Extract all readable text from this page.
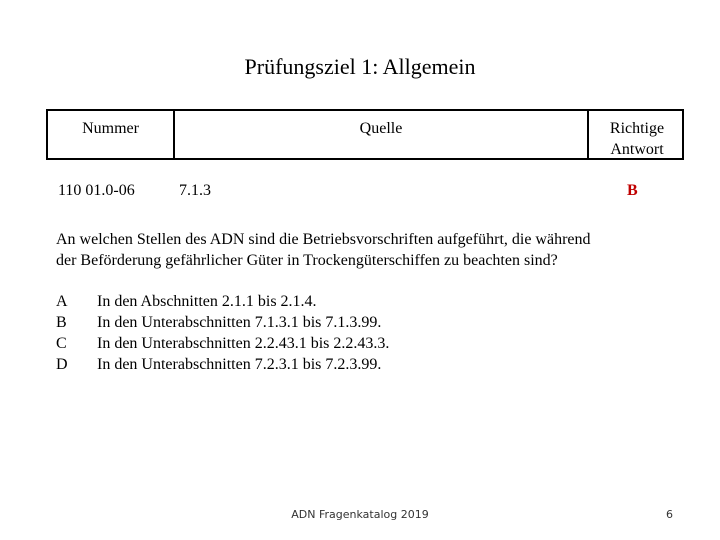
Prüfungsziel 1: Allgemein
Nummer	Quelle	Richtige
Antwort
110 01.0-06	7.1.3	B
An welchen Stellen des ADN sind die Betriebsvorschriften aufgeführt, die während
der Beförderung gefährlicher Güter in Trockengüterschiffen zu beachten sind?
A	In den Abschnitten 2.1.1 bis 2.1.4.
B	In den Unterabschnitten 7.1.3.1 bis 7.1.3.99.
C	In den Unterabschnitten 2.2.43.1 bis 2.2.43.3.
D	In den Unterabschnitten 7.2.3.1 bis 7.2.3.99.
ADN Fragenkatalog 2019	6
